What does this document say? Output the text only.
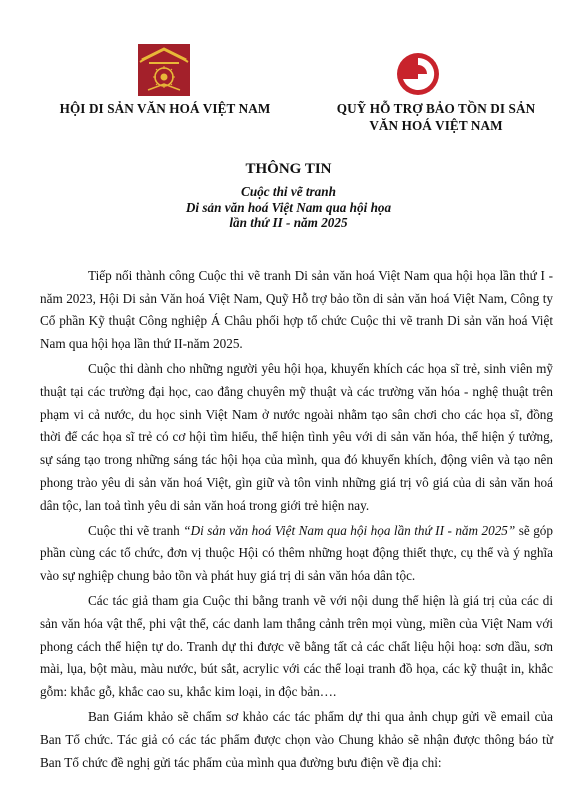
HỘI DI SẢN VĂN HOÁ VIỆT NAM	QUỸ HỖ TRỢ BẢO TỒN DI SẢN
VĂN HOÁ VIỆT NAM
THÔNG TIN
Cuộc thi vẽ tranh
Di sản văn hoá Việt Nam qua hội họa
lần thứ II - năm 2025

Tiếp nối thành công Cuộc thi vẽ tranh Di sản văn hoá Việt Nam qua hội họa lần thứ I - năm 2023, Hội Di sản Văn hoá Việt Nam, Quỹ Hỗ trợ bảo tồn di sản văn hoá Việt Nam, Công ty Cổ phần Kỹ thuật Công nghiệp Á Châu phối hợp tổ chức Cuộc thi vẽ tranh Di sản văn hoá Việt Nam qua hội họa lần thứ II-năm 2025.

Cuộc thi dành cho những người yêu hội họa, khuyến khích các họa sĩ trẻ, sinh viên mỹ thuật tại các trường đại học, cao đẳng chuyên mỹ thuật và các trường văn hóa - nghệ thuật trên phạm vi cả nước, du học sinh Việt Nam ở nước ngoài nhằm tạo sân chơi cho các họa sĩ, đồng thời để các họa sĩ trẻ có cơ hội tìm hiểu, thể hiện tình yêu với di sản văn hóa, thể hiện ý tưởng, sự sáng tạo trong những sáng tác hội họa của mình, qua đó khuyến khích, động viên và tạo nên phong trào yêu di sản văn hoá Việt, gìn giữ và tôn vinh những giá trị vô giá của di sản văn hoá dân tộc, lan toả tình yêu di sản văn hoá trong giới trẻ hiện nay.

Cuộc thi vẽ tranh “Di sản văn hoá Việt Nam qua hội họa lần thứ II - năm 2025” sẽ góp phần cùng các tổ chức, đơn vị thuộc Hội có thêm những hoạt động thiết thực, cụ thể và ý nghĩa vào sự nghiệp chung bảo tồn và phát huy giá trị di sản văn hóa dân tộc.

Các tác giả tham gia Cuộc thi bằng tranh vẽ với nội dung thể hiện là giá trị của các di sản văn hóa vật thể, phi vật thể, các danh lam thắng cảnh trên mọi vùng, miền của Việt Nam với phong cách thể hiện tự do. Tranh dự thi được vẽ bằng tất cả các chất liệu hội hoạ: sơn dầu, sơn mài, lụa, bột màu, màu nước, bút sắt, acrylic với các thể loại tranh đồ họa, các kỹ thuật in, khắc gỗm: khắc gỗ, khắc cao su, khắc kim loại, in độc bản….

Ban Giám khảo sẽ chấm sơ khảo các tác phẩm dự thi qua ảnh chụp gửi về email của Ban Tổ chức. Tác giả có các tác phẩm được chọn vào Chung khảo sẽ nhận được thông báo từ Ban Tổ chức đề nghị gửi tác phẩm của mình qua đường bưu điện về địa chỉ:
